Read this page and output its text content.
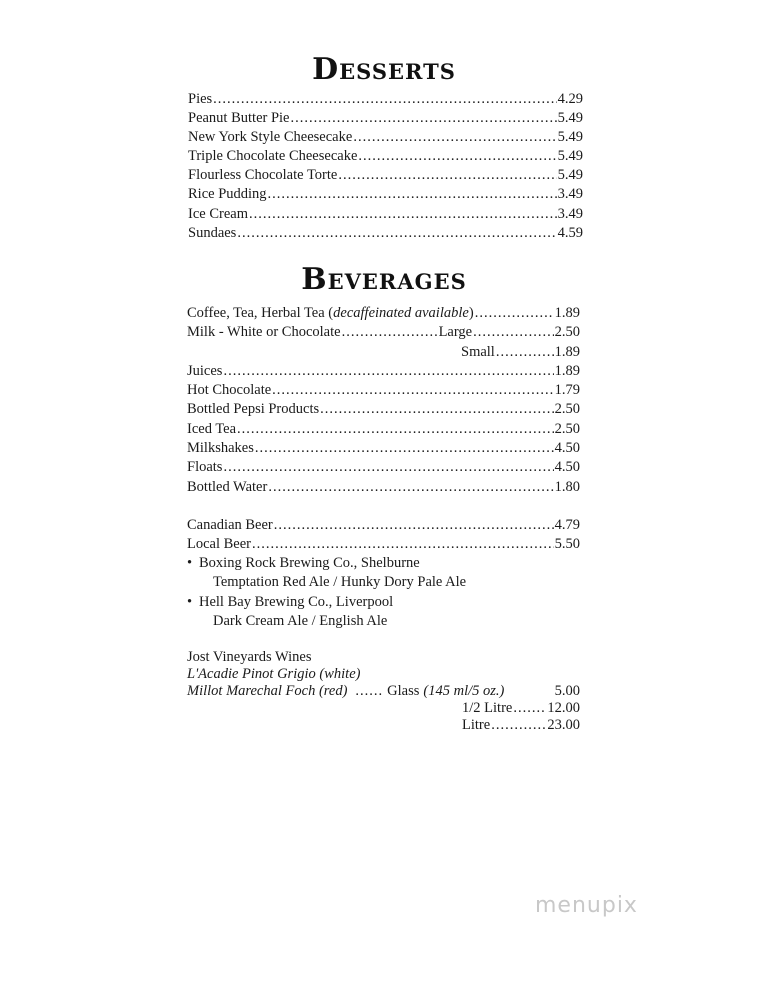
Desserts
Pies .....	4.29
Peanut Butter Pie .....	5.49
New York Style Cheesecake .....	5.49
Triple Chocolate Cheesecake .....	5.49
Flourless Chocolate Torte .....	5.49
Rice Pudding .....	3.49
Ice Cream .....	3.49
Sundaes .....	4.59
Beverages
Coffee, Tea, Herbal Tea (decaffeinated available) .....	1.89
Milk - White or Chocolate .....	Large .....	2.50
Small .....	1.89
Juices .....	1.89
Hot Chocolate .....	1.79
Bottled Pepsi Products .....	2.50
Iced Tea .....	2.50
Milkshakes .....	4.50
Floats .....	4.50
Bottled Water .....	1.80
Canadian Beer .....	4.79
Local Beer .....	5.50
• Boxing Rock Brewing Co., Shelburne
Temptation Red Ale / Hunky Dory Pale Ale
• Hell Bay Brewing Co., Liverpool
Dark Cream Ale / English Ale
Jost Vineyards Wines
L'Acadie Pinot Grigio (white)
Millot Marechal Foch (red) ...... Glass (145 ml/5 oz.)	5.00
1/2 Litre ..... 12.00
Litre .....	23.00
menupix
